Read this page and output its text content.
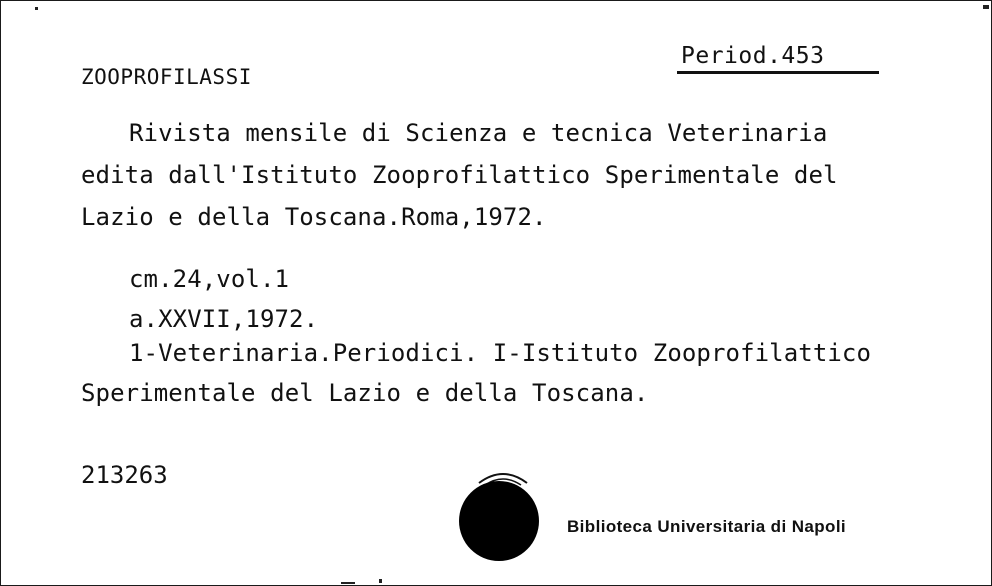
Period.453
ZOOPROFILASSI
Rivista mensile di Scienza e tecnica Veterinaria
edita dall'Istituto Zooprofilattico Sperimentale del
Lazio e della Toscana.Roma,1972.
cm.24,vol.1
a.XXVII,1972.
1-Veterinaria.Periodici. I-Istituto Zooprofilattico
Sperimentale del Lazio e della Toscana.
213263
Biblioteca Universitaria di Napoli
